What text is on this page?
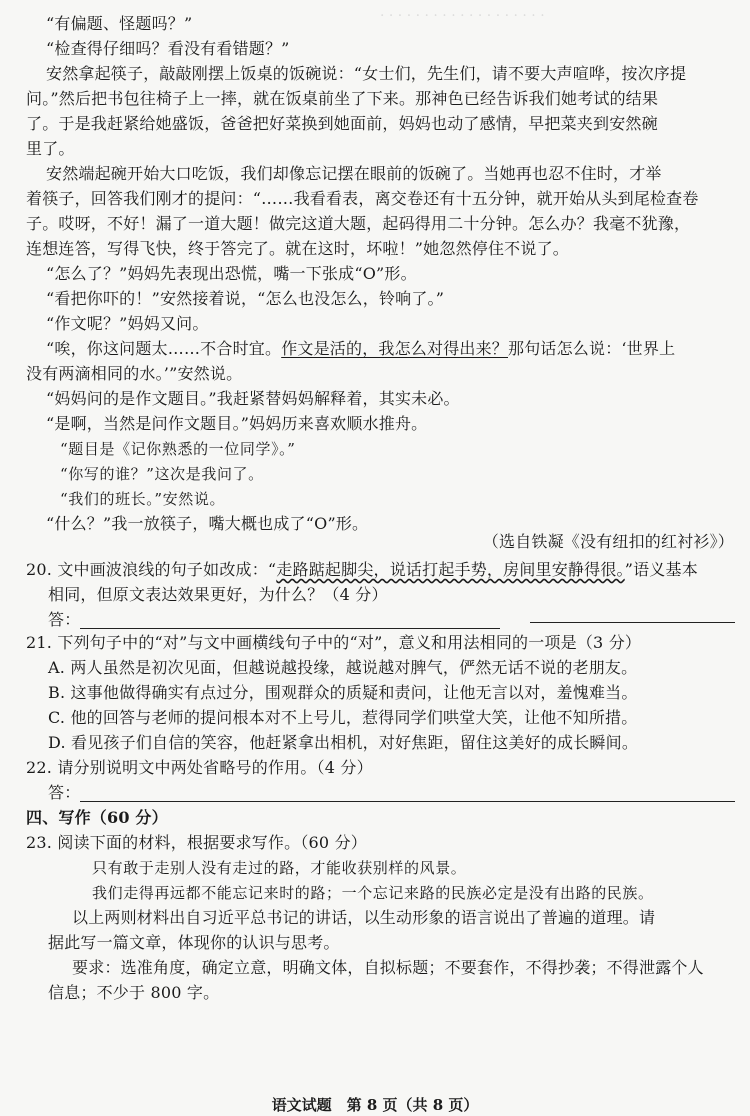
· · · · · · · · · · · · · · · · · · ·
“有偏题、怪题吗？”
“检查得仔细吗？看没有看错题？”
安然拿起筷子，敲敲刚摆上饭桌的饭碗说：“女士们，先生们，请不要大声喧哗，按次序提
问。”然后把书包往椅子上一摔，就在饭桌前坐了下来。那神色已经告诉我们她考试的结果
了。于是我赶紧给她盛饭，爸爸把好菜换到她面前，妈妈也动了感情，早把菜夹到安然碗
里了。
安然端起碗开始大口吃饭，我们却像忘记摆在眼前的饭碗了。当她再也忍不住时，才举
着筷子，回答我们刚才的提问：“……我看看表，离交卷还有十五分钟，就开始从头到尾检查卷
子。哎呀，不好！漏了一道大题！做完这道大题，起码得用二十分钟。怎么办？我毫不犹豫，
连想连答，写得飞快，终于答完了。就在这时，坏啦！”她忽然停住不说了。
“怎么了？”妈妈先表现出恐慌，嘴一下张成“O”形。
“看把你吓的！”安然接着说，“怎么也没怎么，铃响了。”
“作文呢？”妈妈又问。
“唉，你这问题太……不合时宜。作文是活的，我怎么对得出来？那句话怎么说：‘世界上
没有两滴相同的水。’”安然说。
“妈妈问的是作文题目。”我赶紧替妈妈解释着，其实未必。
“是啊，当然是问作文题目。”妈妈历来喜欢顺水推舟。
“题目是《记你熟悉的一位同学》。”
“你写的谁？”这次是我问了。
“我们的班长。”安然说。
“什么？”我一放筷子，嘴大概也成了“O”形。
（选自铁凝《没有纽扣的红衬衫》）
20. 文中画波浪线的句子如改成：“走路踮起脚尖，说话打起手势，房间里安静得很。”语义基本
相同，但原文表达效果更好，为什么？（4 分）
答：
21. 下列句子中的“对”与文中画横线句子中的“对”，意义和用法相同的一项是（3 分）
A. 两人虽然是初次见面，但越说越投缘，越说越对脾气，俨然无话不说的老朋友。
B. 这事他做得确实有点过分，围观群众的质疑和责问，让他无言以对，羞愧难当。
C. 他的回答与老师的提问根本对不上号儿，惹得同学们哄堂大笑，让他不知所措。
D. 看见孩子们自信的笑容，他赶紧拿出相机，对好焦距，留住这美好的成长瞬间。
22. 请分别说明文中两处省略号的作用。（4 分）
答：
四、写作（60 分）
23. 阅读下面的材料，根据要求写作。（60 分）
只有敢于走别人没有走过的路，才能收获别样的风景。
我们走得再远都不能忘记来时的路；一个忘记来路的民族必定是没有出路的民族。
以上两则材料出自习近平总书记的讲话，以生动形象的语言说出了普遍的道理。请
据此写一篇文章，体现你的认识与思考。
要求：选准角度，确定立意，明确文体，自拟标题；不要套作，不得抄袭；不得泄露个人
信息；不少于 800 字。
语文试题　第 8 页（共 8 页）
